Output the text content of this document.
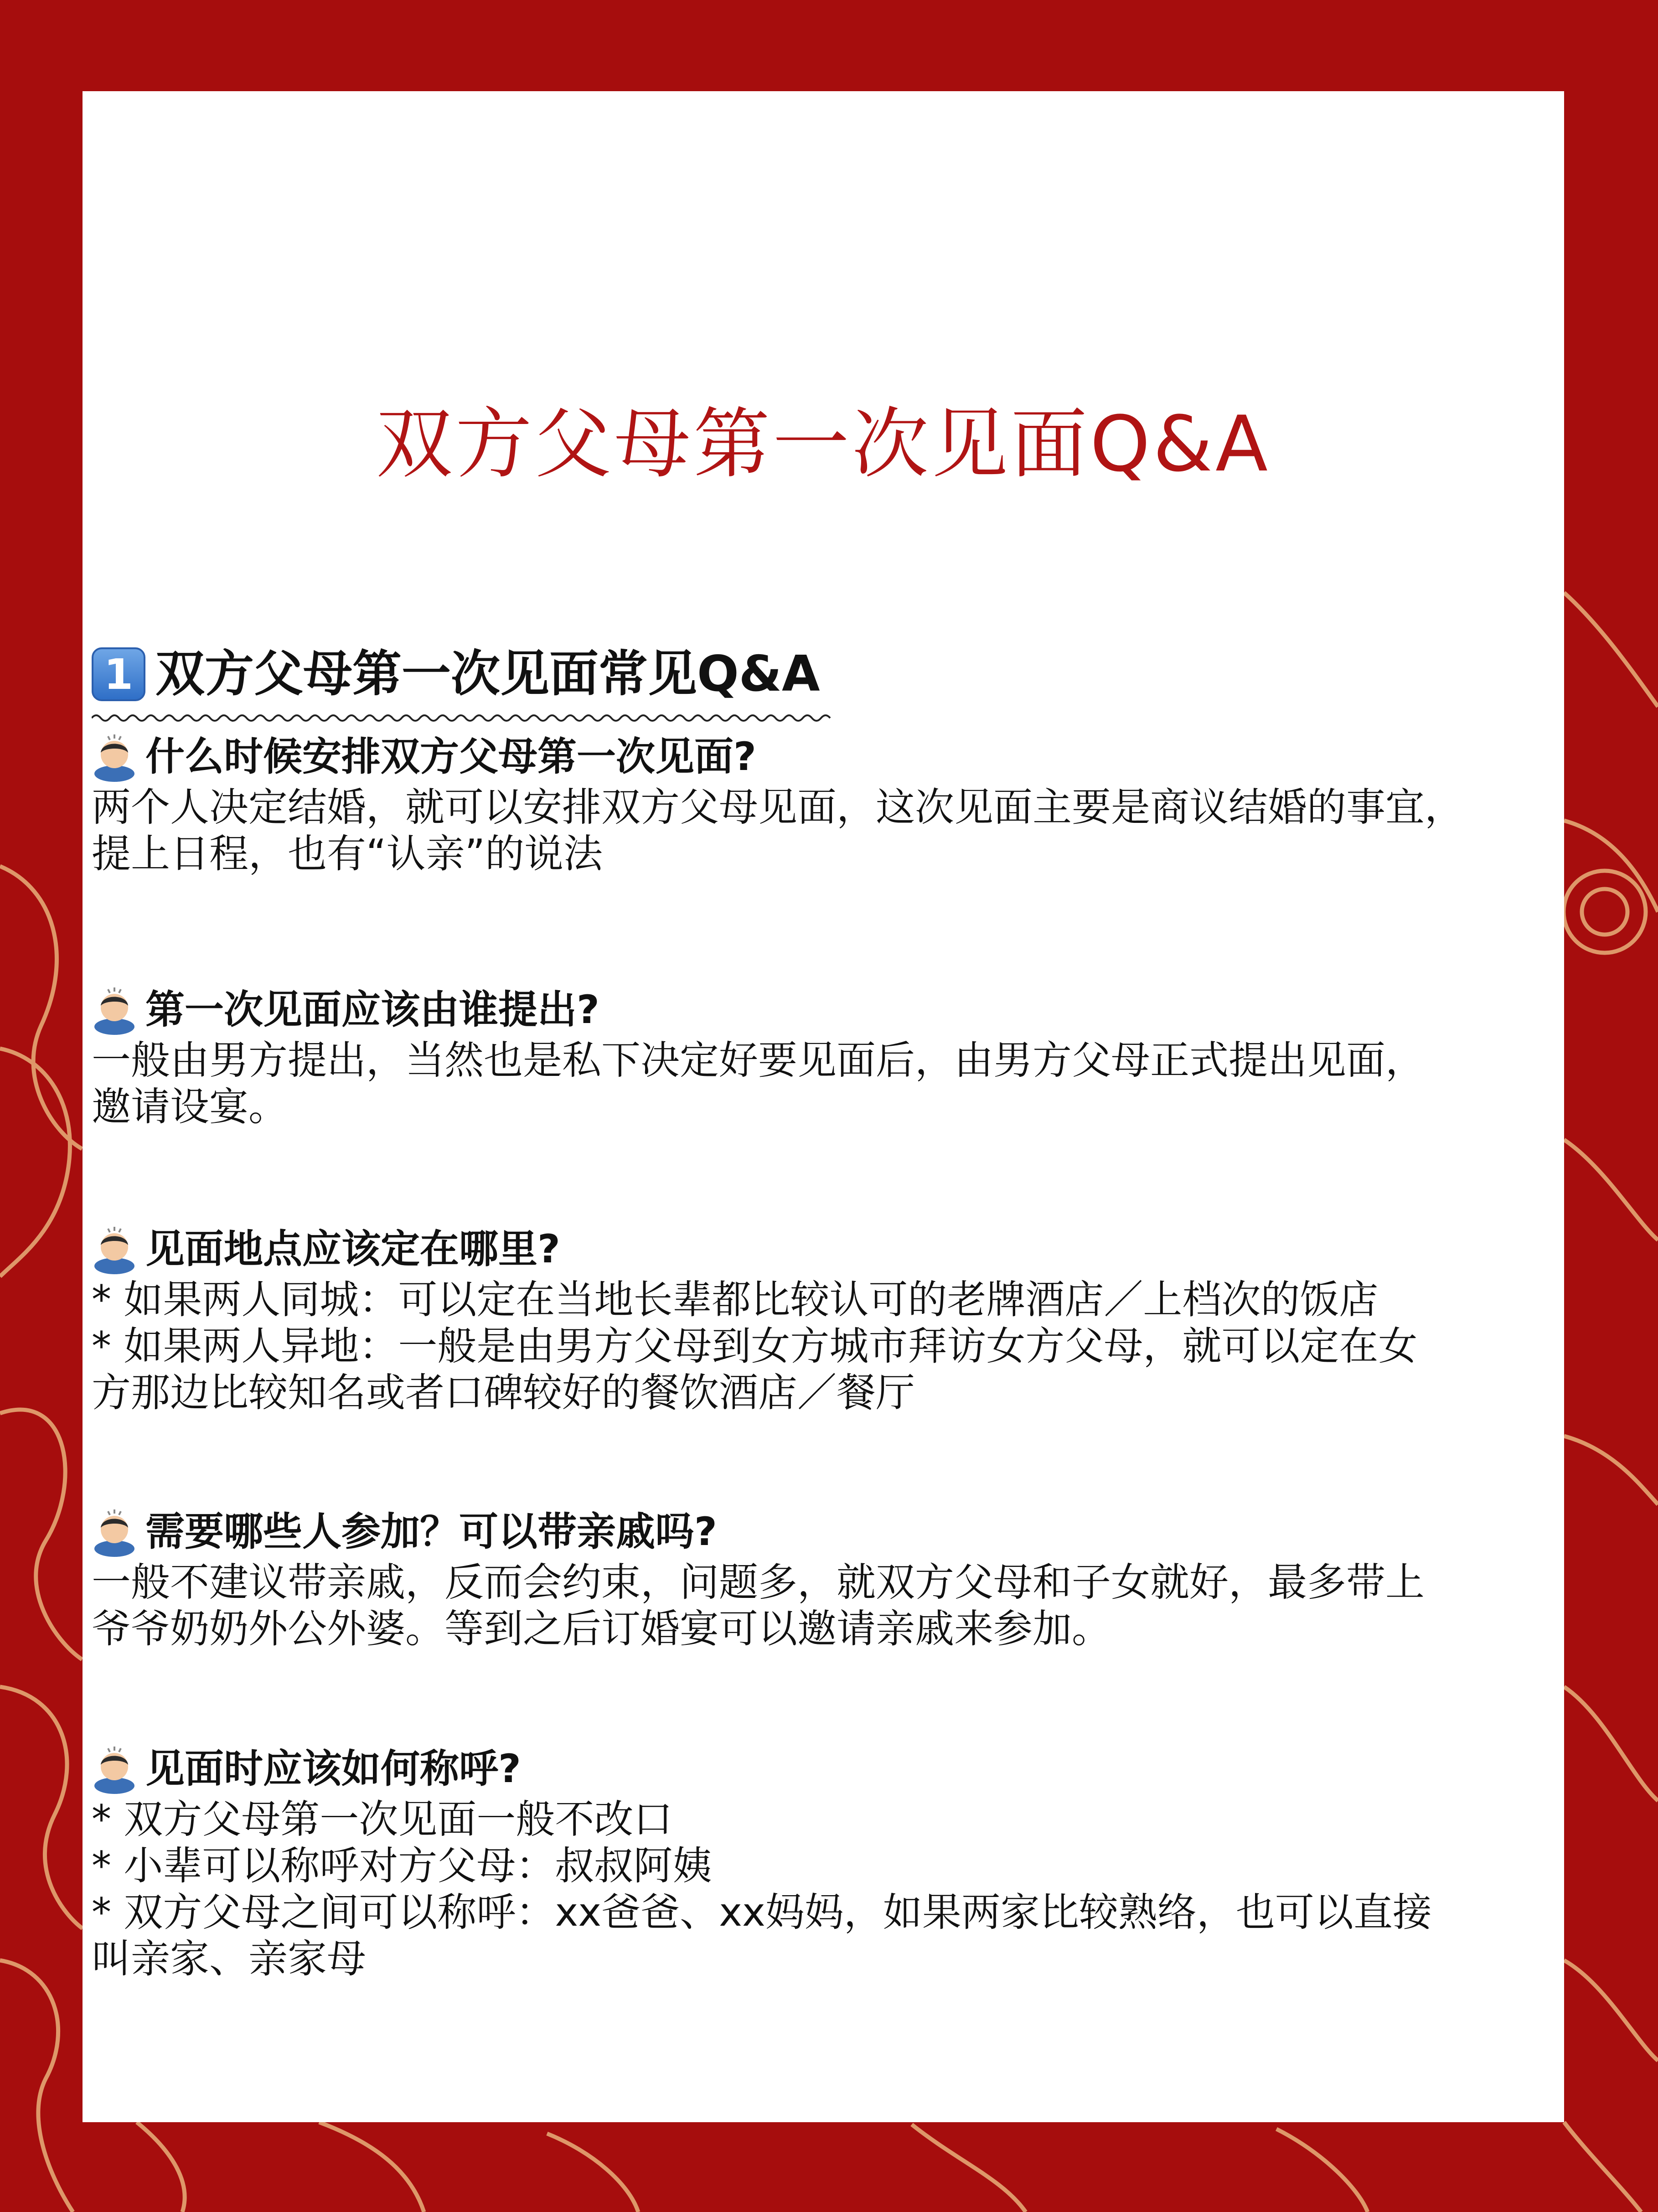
双方父母第一次见面Q&A
1 双方父母第一次见面常见Q&A
什么时候安排双方父母第一次见面?

两个人决定结婚，就可以安排双方父母见面，这次见面主要是商议结婚的事宜，

提上日程，也有“认亲”的说法

第一次见面应该由谁提出?

一般由男方提出，当然也是私下决定好要见面后，由男方父母正式提出见面，

邀请设宴。

见面地点应该定在哪里?

* 如果两人同城：可以定在当地长辈都比较认可的老牌酒店／上档次的饭店

* 如果两人异地：一般是由男方父母到女方城市拜访女方父母，就可以定在女

方那边比较知名或者口碑较好的餐饮酒店／餐厅

需要哪些人参加？可以带亲戚吗?

一般不建议带亲戚，反而会约束，问题多，就双方父母和子女就好，最多带上

爷爷奶奶外公外婆。等到之后订婚宴可以邀请亲戚来参加。

见面时应该如何称呼?

* 双方父母第一次见面一般不改口

* 小辈可以称呼对方父母：叔叔阿姨

* 双方父母之间可以称呼：xx爸爸、xx妈妈，如果两家比较熟络，也可以直接

叫亲家、亲家母
